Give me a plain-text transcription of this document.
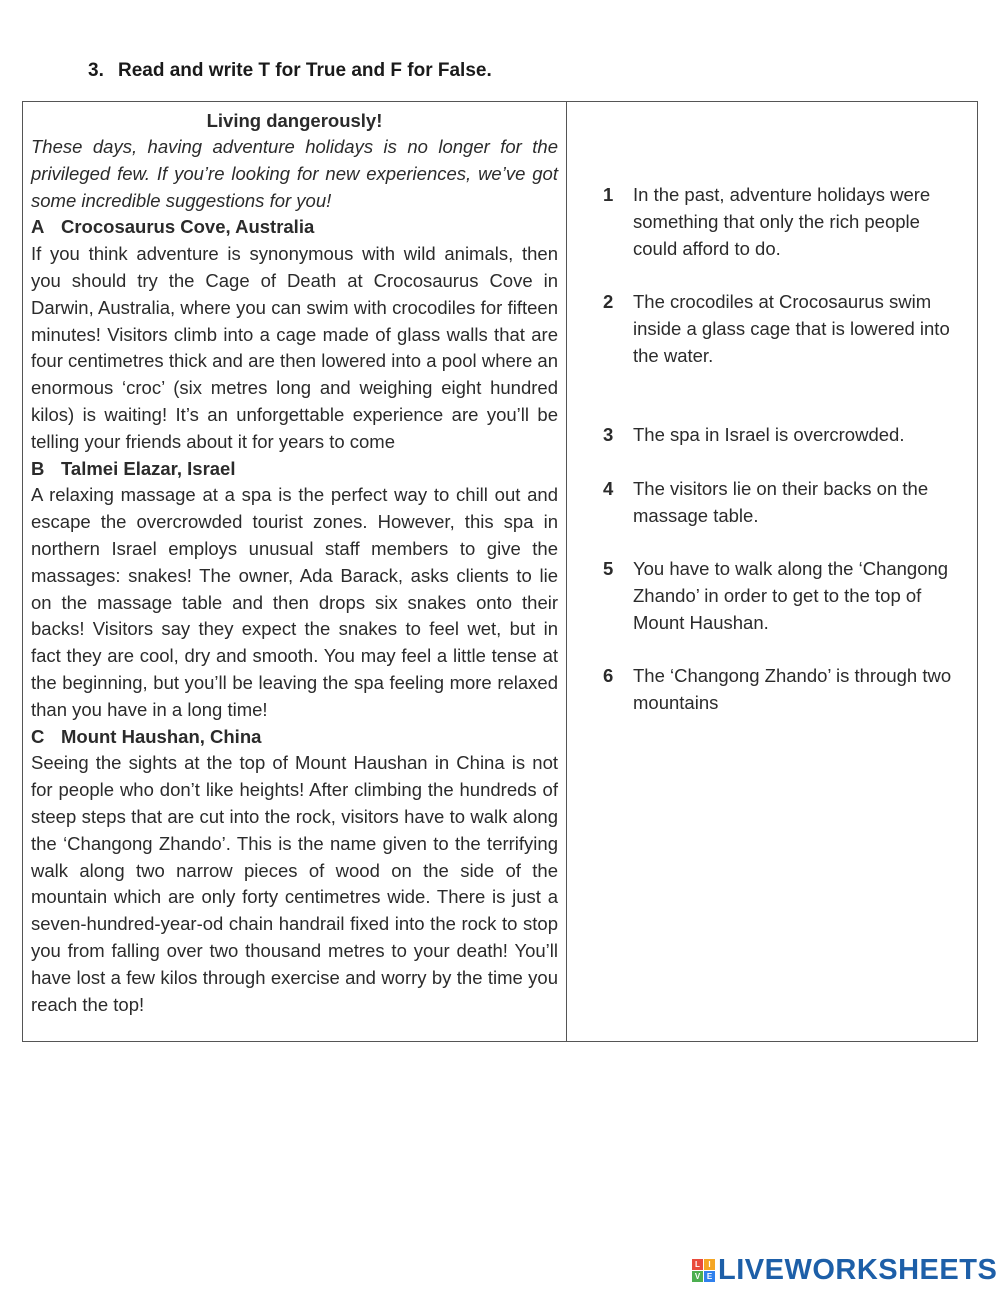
3. Read and write T for True and F for False.
Living dangerously!

These days, having adventure holidays is no longer for the privileged few. If you’re looking for new experiences, we’ve got some incredible suggestions for you!

A Crocosaurus Cove, Australia

If you think adventure is synonymous with wild animals, then you should try the Cage of Death at Crocosaurus Cove in Darwin, Australia, where you can swim with crocodiles for fifteen minutes! Visitors climb into a cage made of glass walls that are four centimetres thick and are then lowered into a pool where an enormous ‘croc’ (six metres long and weighing eight hundred kilos) is waiting! It’s an unforgettable experience are you’ll be telling your friends about it for years to come

B Talmei Elazar, Israel

A relaxing massage at a spa is the perfect way to chill out and escape the overcrowded tourist zones. However, this spa in northern Israel employs unusual staff members to give the massages: snakes! The owner, Ada Barack, asks clients to lie on the massage table and then drops six snakes onto their backs! Visitors say they expect the snakes to feel wet, but in fact they are cool, dry and smooth. You may feel a little tense at the beginning, but you’ll be leaving the spa feeling more relaxed than you have in a long time!

C Mount Haushan, China

Seeing the sights at the top of Mount Haushan in China is not for people who don’t like heights! After climbing the hundreds of steep steps that are cut into the rock, visitors have to walk along the ‘Changong Zhando’. This is the name given to the terrifying walk along two narrow pieces of wood on the side of the mountain which are only forty centimetres wide. There is just a seven-hundred-year-od chain handrail fixed into the rock to stop you from falling over two thousand metres to your death! You’ll have lost a few kilos through exercise and worry by the time you reach the top!

1	In the past, adventure holidays were something that only the rich people could afford to do.
2	The crocodiles at Crocosaurus swim inside a glass cage that is lowered into the water.
3	The spa in Israel is overcrowded.
4	The visitors lie on their backs on the massage table.
5	You have to walk along the ‘Changong Zhando’ in order to get to the top of Mount Haushan.
6	The ‘Changong Zhando’ is through two mountains
L	I
V E LIVEWORKSHEETS
